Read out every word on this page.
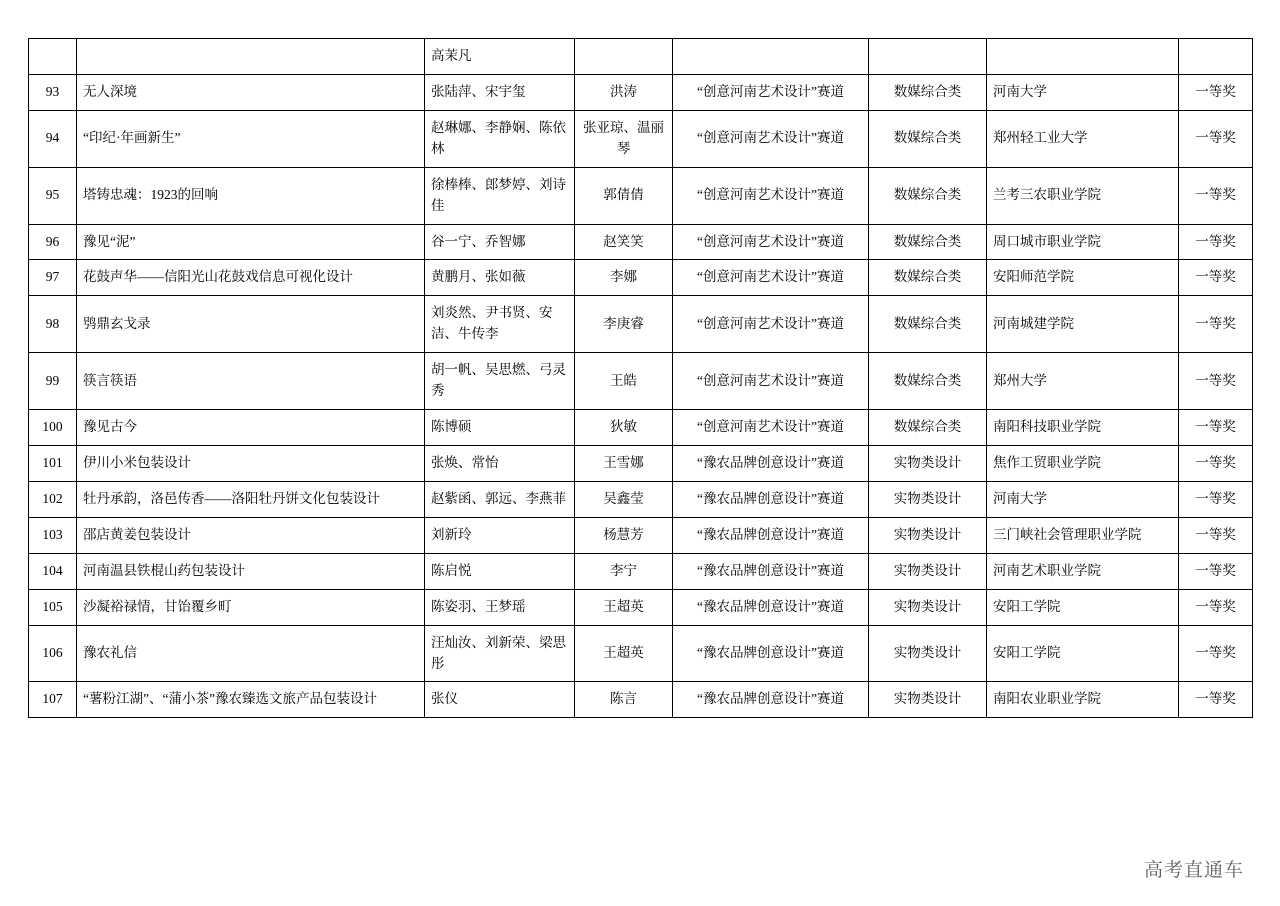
		高茉凡					
93	无人深境	张陆萍、宋宇玺	洪涛	“创意河南艺术设计”赛道	数媒综合类	河南大学	一等奖
94	“印纪·年画新生”	赵琳娜、李静娴、陈依林	张亚琼、温丽琴	“创意河南艺术设计”赛道	数媒综合类	郑州轻工业大学	一等奖
95	塔铸忠魂：1923的回响	徐棒棒、郎梦婷、刘诗佳	郭倩倩	“创意河南艺术设计”赛道	数媒综合类	兰考三农职业学院	一等奖
96	豫见“泥”	谷一宁、乔智娜	赵笑笑	“创意河南艺术设计”赛道	数媒综合类	周口城市职业学院	一等奖
97	花鼓声华——信阳光山花鼓戏信息可视化设计	黄鹏月、张如薇	李娜	“创意河南艺术设计”赛道	数媒综合类	安阳师范学院	一等奖
98	鸮鼎玄戈录	刘炎然、尹书贤、安洁、牛传李	李庚睿	“创意河南艺术设计”赛道	数媒综合类	河南城建学院	一等奖
99	筷言筷语	胡一帆、吴思燃、弓灵秀	王皓	“创意河南艺术设计”赛道	数媒综合类	郑州大学	一等奖
100	豫见古今	陈博硕	狄敏	“创意河南艺术设计”赛道	数媒综合类	南阳科技职业学院	一等奖
101	伊川小米包装设计	张焕、常怡	王雪娜	“豫农品牌创意设计”赛道	实物类设计	焦作工贸职业学院	一等奖
102	牡丹承韵，洛邑传香——洛阳牡丹饼文化包装设计	赵紫函、郭远、李燕菲	吴鑫莹	“豫农品牌创意设计”赛道	实物类设计	河南大学	一等奖
103	邵店黄姜包装设计	刘新玲	杨慧芳	“豫农品牌创意设计”赛道	实物类设计	三门峡社会管理职业学院	一等奖
104	河南温县铁棍山药包装设计	陈启悦	李宁	“豫农品牌创意设计”赛道	实物类设计	河南艺术职业学院	一等奖
105	沙凝裕禄情，甘饴覆乡町	陈姿羽、王梦瑶	王超英	“豫农品牌创意设计”赛道	实物类设计	安阳工学院	一等奖
106	豫农礼信	汪灿汝、刘新荣、梁思彤	王超英	“豫农品牌创意设计”赛道	实物类设计	安阳工学院	一等奖
107	“薯粉江湖”、“蒲小茶”豫农臻选文旅产品包装设计	张仪	陈言	“豫农品牌创意设计”赛道	实物类设计	南阳农业职业学院	一等奖
高考直通车
